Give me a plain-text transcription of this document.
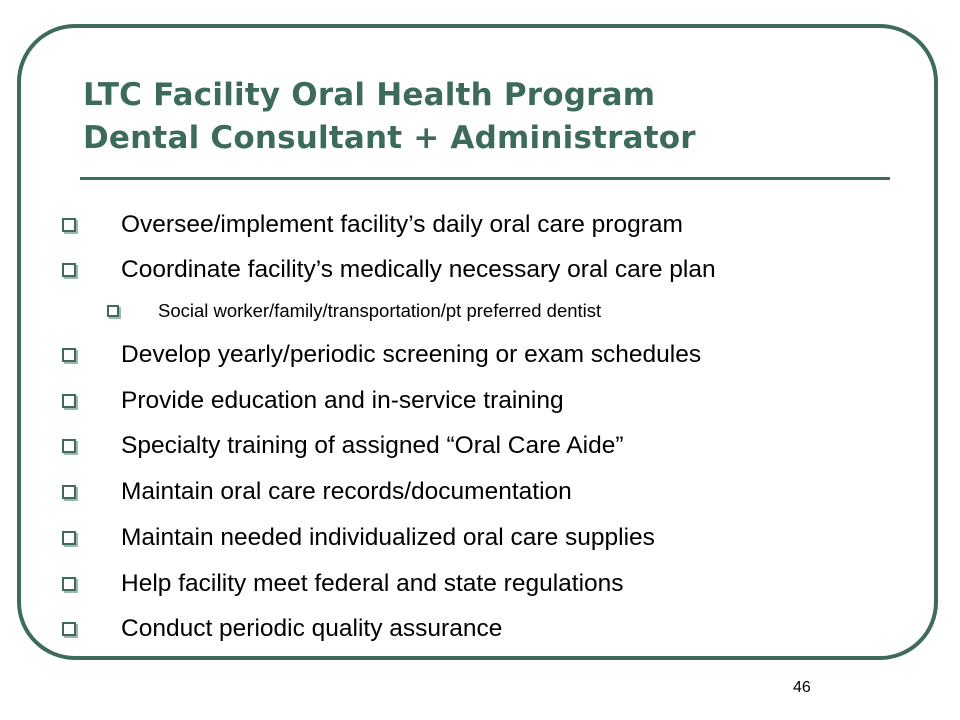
LTC Facility Oral Health Program
Dental Consultant + Administrator
Oversee/implement facility’s daily oral care program
Coordinate facility’s medically necessary oral care plan
Social worker/family/transportation/pt preferred dentist
Develop yearly/periodic screening or exam schedules
Provide education and in-service training
Specialty training of assigned “Oral Care Aide”
Maintain oral care records/documentation
Maintain needed individualized oral care supplies
Help facility meet federal and state regulations
Conduct periodic quality assurance
46
